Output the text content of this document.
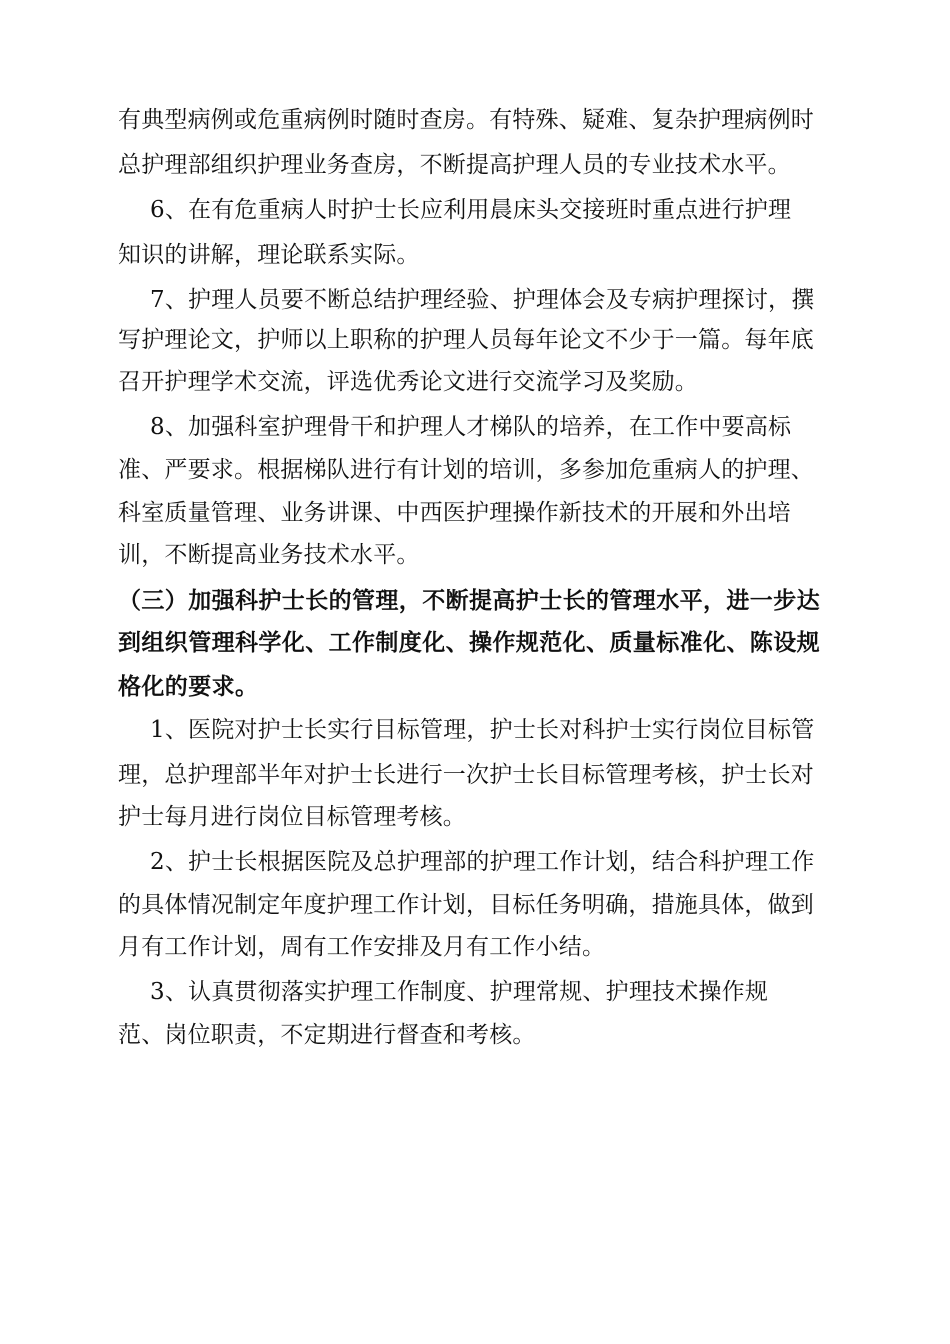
有典型病例或危重病例时随时查房。有特殊、疑难、复杂护理病例时
总护理部组织护理业务查房，不断提高护理人员的专业技术水平。
6、在有危重病人时护士长应利用晨床头交接班时重点进行护理
知识的讲解，理论联系实际。
7、护理人员要不断总结护理经验、护理体会及专病护理探讨，撰
写护理论文，护师以上职称的护理人员每年论文不少于一篇。每年底
召开护理学术交流，评选优秀论文进行交流学习及奖励。
8、加强科室护理骨干和护理人才梯队的培养，在工作中要高标
准、严要求。根据梯队进行有计划的培训，多参加危重病人的护理、
科室质量管理、业务讲课、中西医护理操作新技术的开展和外出培
训，不断提高业务技术水平。
（三）加强科护士长的管理，不断提高护士长的管理水平，进一步达
到组织管理科学化、工作制度化、操作规范化、质量标准化、陈设规
格化的要求。
1、医院对护士长实行目标管理，护士长对科护士实行岗位目标管
理，总护理部半年对护士长进行一次护士长目标管理考核，护士长对
护士每月进行岗位目标管理考核。
2、护士长根据医院及总护理部的护理工作计划，结合科护理工作
的具体情况制定年度护理工作计划，目标任务明确，措施具体，做到
月有工作计划，周有工作安排及月有工作小结。
3、认真贯彻落实护理工作制度、护理常规、护理技术操作规
范、岗位职责，不定期进行督查和考核。
